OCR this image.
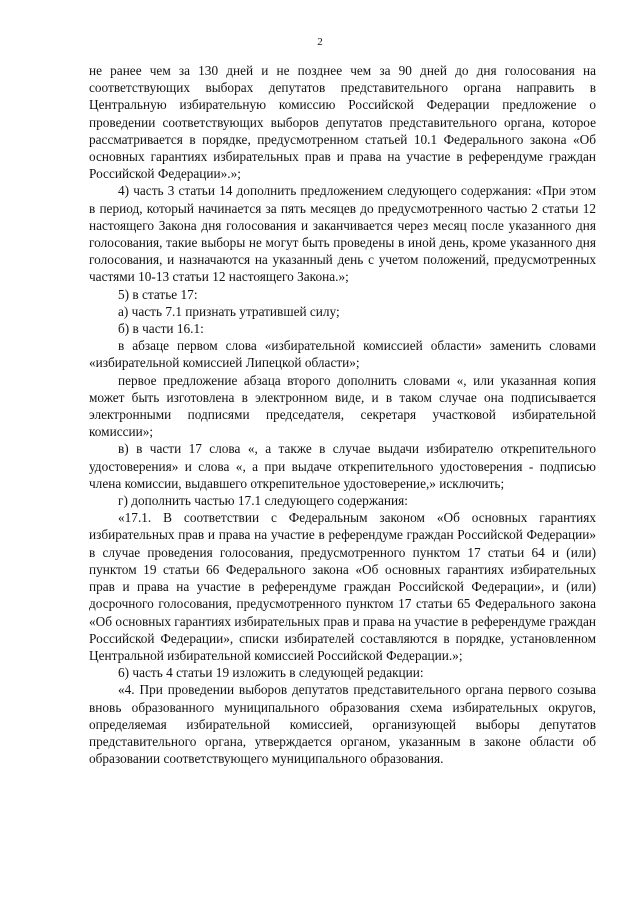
2

не ранее чем за 130 дней и не позднее чем за 90 дней до дня голосования на соответствующих выборах депутатов представительного органа направить в Центральную избирательную комиссию Российской Федерации предложение о проведении соответствующих выборов депутатов представительного органа, которое рассматривается в порядке, предусмотренном статьей 10.1 Федерального закона «Об основных гарантиях избирательных прав и права на участие в референдуме граждан Российской Федерации».»;

4) часть 3 статьи 14 дополнить предложением следующего содержания: «При этом в период, который начинается за пять месяцев до предусмотренного частью 2 статьи 12 настоящего Закона дня голосования и заканчивается через месяц после указанного дня голосования, такие выборы не могут быть проведены в иной день, кроме указанного дня голосования, и назначаются на указанный день с учетом положений, предусмотренных частями 10-13 статьи 12 настоящего Закона.»;

5) в статье 17:

а) часть 7.1 признать утратившей силу;

б) в части 16.1:

в абзаце первом слова «избирательной комиссией области» заменить словами «избирательной комиссией Липецкой области»;

первое предложение абзаца второго дополнить словами «, или указанная копия может быть изготовлена в электронном виде, и в таком случае она подписывается электронными подписями председателя, секретаря участковой избирательной комиссии»;

в) в части 17 слова «, а также в случае выдачи избирателю открепительного удостоверения» и слова «, а при выдаче открепительного удостоверения - подписью члена комиссии, выдавшего открепительное удостоверение,» исключить;

г) дополнить частью 17.1 следующего содержания:

«17.1. В соответствии с Федеральным законом «Об основных гарантиях избирательных прав и права на участие в референдуме граждан Российской Федерации» в случае проведения голосования, предусмотренного пунктом 17 статьи 64 и (или) пунктом 19 статьи 66 Федерального закона «Об основных гарантиях избирательных прав и права на участие в референдуме граждан Российской Федерации», и (или) досрочного голосования, предусмотренного пунктом 17 статьи 65 Федерального закона «Об основных гарантиях избирательных прав и права на участие в референдуме граждан Российской Федерации», списки избирателей составляются в порядке, установленном Центральной избирательной комиссией Российской Федерации.»;

6) часть 4 статьи 19 изложить в следующей редакции:

«4. При проведении выборов депутатов представительного органа первого созыва вновь образованного муниципального образования схема избирательных округов, определяемая избирательной комиссией, организующей выборы депутатов представительного органа, утверждается органом, указанным в законе области об образовании соответствующего муниципального образования.
